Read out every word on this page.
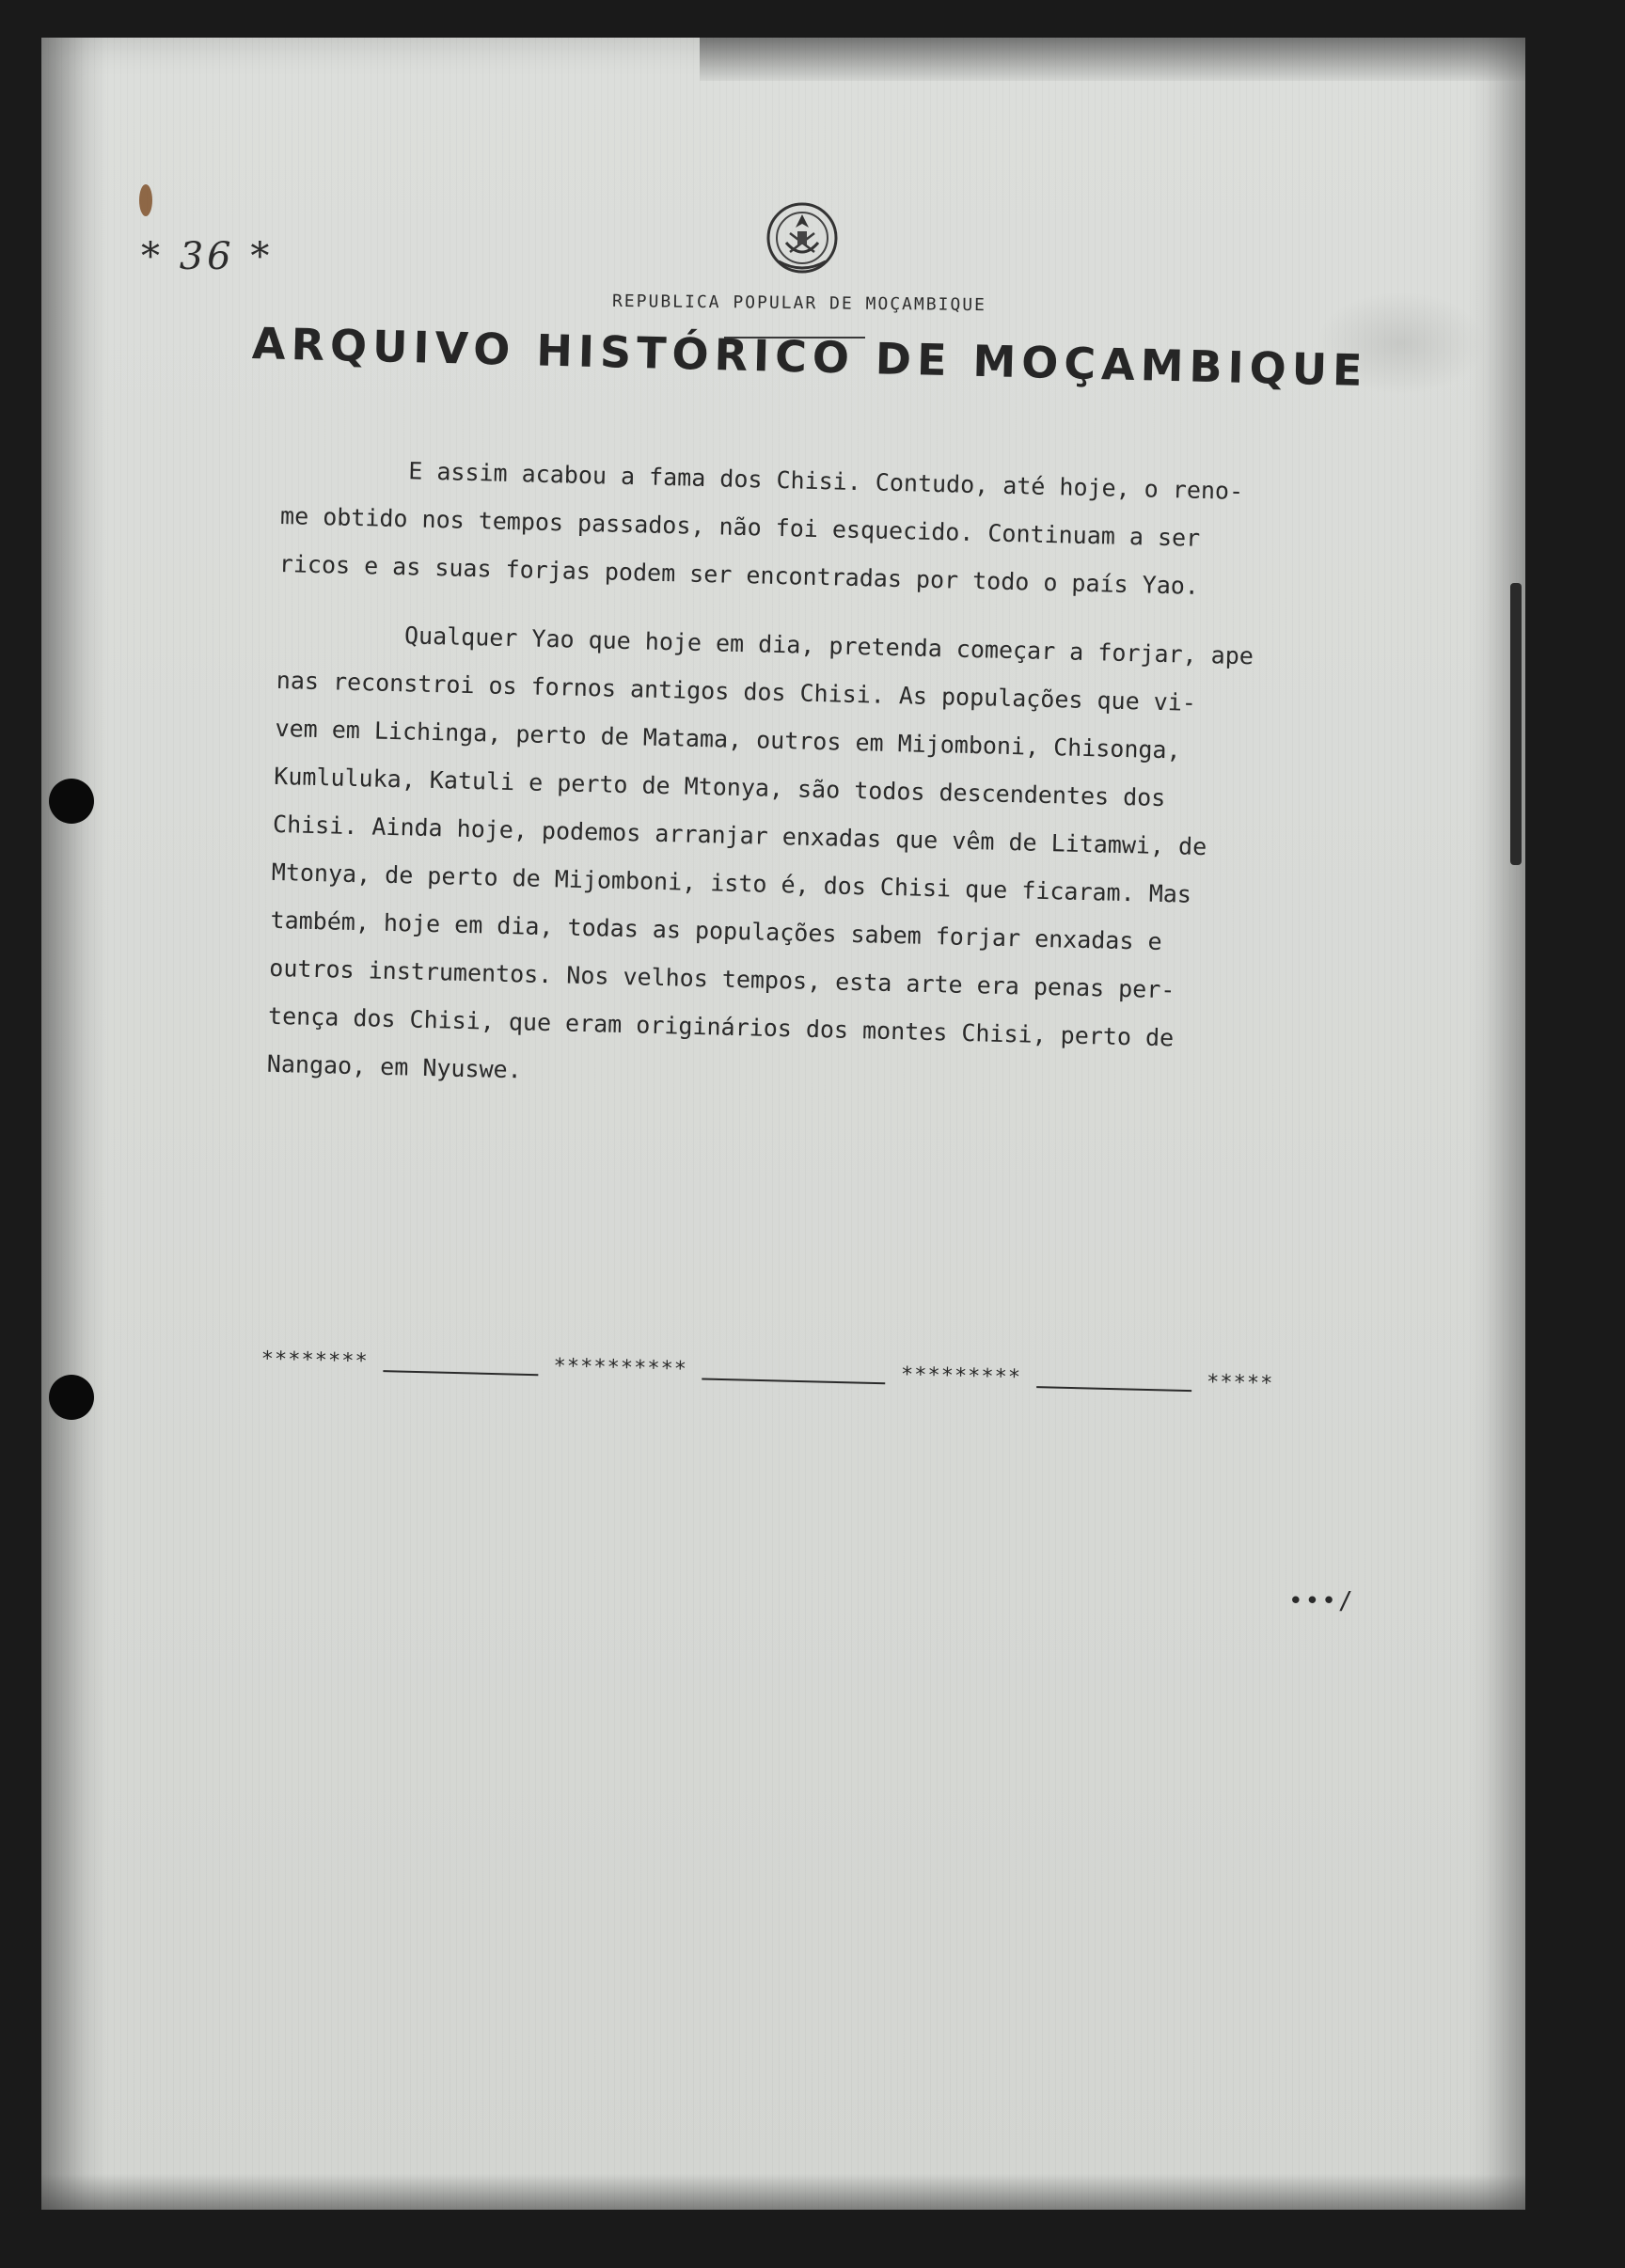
* 36 *
REPUBLICA POPULAR DE MOÇAMBIQUE
ARQUIVO HISTÓRICO DE MOÇAMBIQUE
E assim acabou a fama dos Chisi. Contudo, até hoje, o reno-
me obtido nos tempos passados, não foi esquecido. Continuam a ser
ricos e as suas forjas podem ser encontradas por todo o país Yao.
Qualquer Yao que hoje em dia, pretenda começar a forjar, ape
nas reconstroi os fornos antigos dos Chisi. As populações que vi-
vem em Lichinga, perto de Matama, outros em Mijomboni, Chisonga,
Kumluluka, Katuli e perto de Mtonya, são todos descendentes dos
Chisi. Ainda hoje, podemos arranjar enxadas que vêm de Litamwi, de
Mtonya, de perto de Mijomboni, isto é, dos Chisi que ficaram. Mas
também, hoje em dia, todas as populações sabem forjar enxadas e
outros instrumentos. Nos velhos tempos, esta arte era penas per-
tença dos Chisi, que eram originários dos montes Chisi, perto de
Nangao, em Nyuswe.
********	**********	*********	*****
•••/
